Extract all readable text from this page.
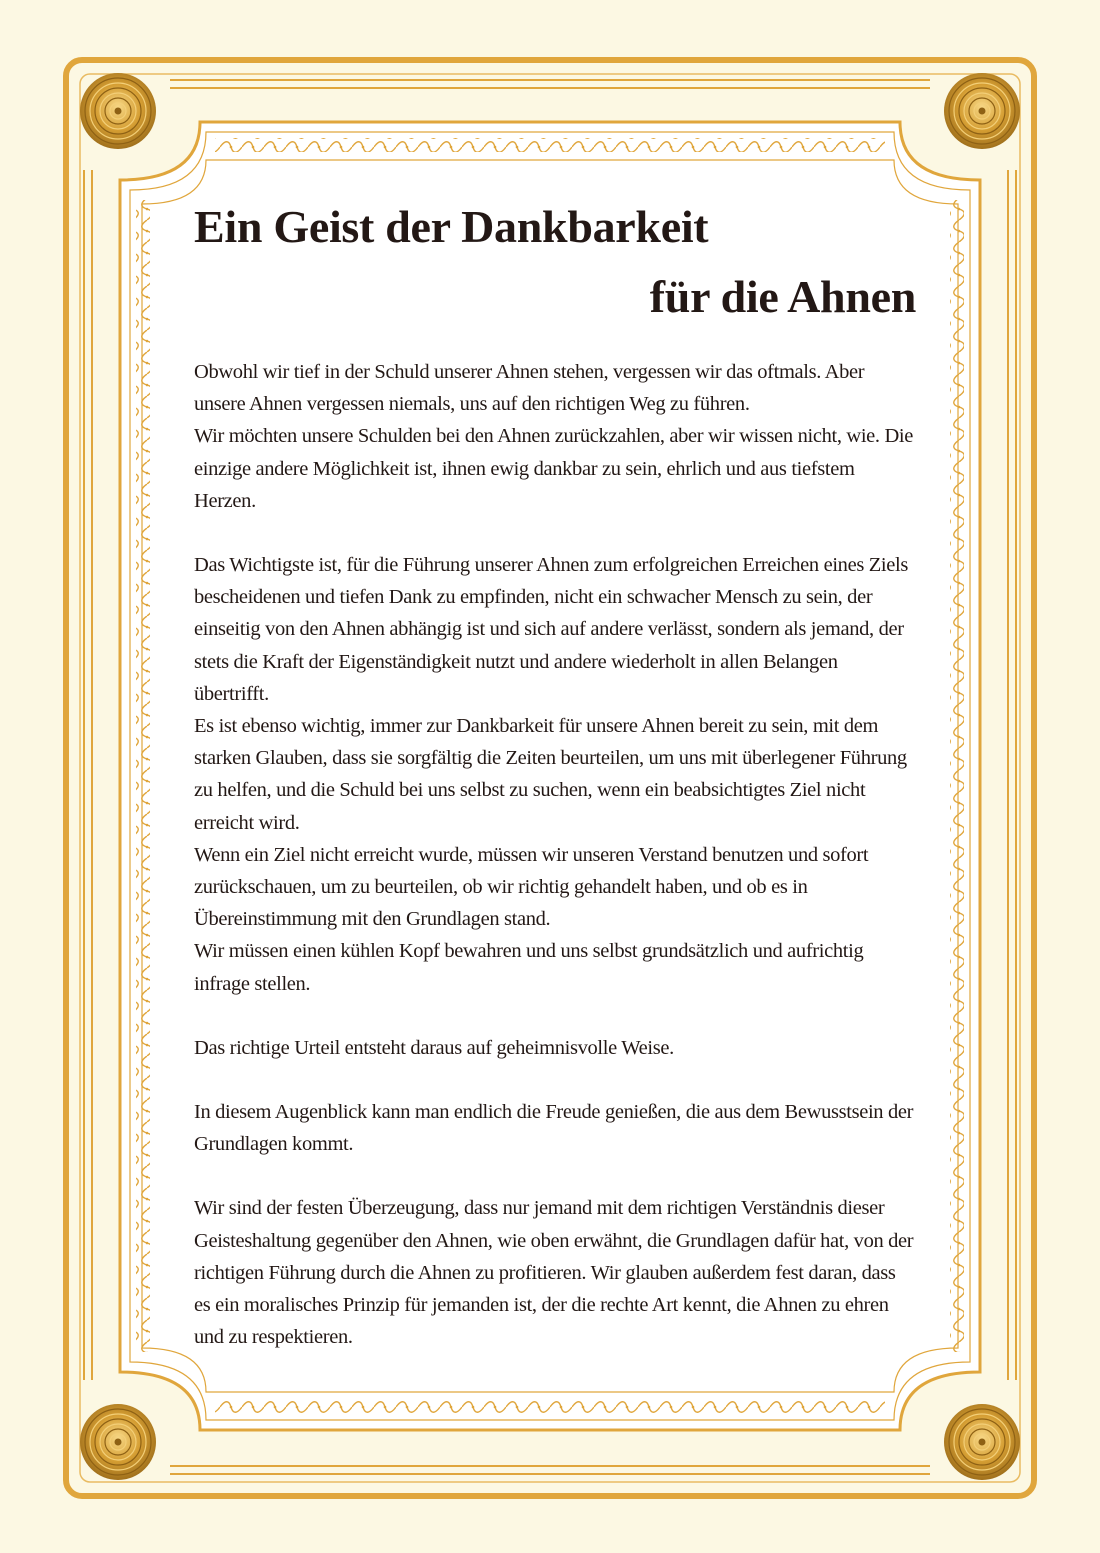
Ein Geist der Dankbarkeit
für die Ahnen

Obwohl wir tief in der Schuld unserer Ahnen stehen, vergessen wir das oftmals. Aber unsere Ahnen vergessen niemals, uns auf den richtigen Weg zu führen.

Wir möchten unsere Schulden bei den Ahnen zurückzahlen, aber wir wissen nicht, wie. Die einzige andere Möglichkeit ist, ihnen ewig dankbar zu sein, ehrlich und aus tiefstem Herzen.

Das Wichtigste ist, für die Führung unserer Ahnen zum erfolgreichen Erreichen eines Ziels bescheidenen und tiefen Dank zu empfinden, nicht ein schwacher Mensch zu sein, der einseitig von den Ahnen abhängig ist und sich auf andere verlässt, sondern als jemand, der stets die Kraft der Eigenständigkeit nutzt und andere wiederholt in allen Belangen übertrifft.

Es ist ebenso wichtig, immer zur Dankbarkeit für unsere Ahnen bereit zu sein, mit dem starken Glauben, dass sie sorgfältig die Zeiten beurteilen, um uns mit überlegener Führung zu helfen, und die Schuld bei uns selbst zu suchen, wenn ein beabsichtigtes Ziel nicht erreicht wird.

Wenn ein Ziel nicht erreicht wurde, müssen wir unseren Verstand benutzen und sofort zurückschauen, um zu beurteilen, ob wir richtig gehandelt haben, und ob es in Übereinstimmung mit den Grundlagen stand.

Wir müssen einen kühlen Kopf bewahren und uns selbst grundsätzlich und aufrichtig infrage stellen.

Das richtige Urteil entsteht daraus auf geheimnisvolle Weise.

In diesem Augenblick kann man endlich die Freude genießen, die aus dem Bewusstsein der Grundlagen kommt.

Wir sind der festen Überzeugung, dass nur jemand mit dem richtigen Verständnis dieser Geisteshaltung gegenüber den Ahnen, wie oben erwähnt, die Grundlagen dafür hat, von der richtigen Führung durch die Ahnen zu profitieren. Wir glauben außerdem fest daran, dass es ein moralisches Prinzip für jemanden ist, der die rechte Art kennt, die Ahnen zu ehren und zu respektieren.
